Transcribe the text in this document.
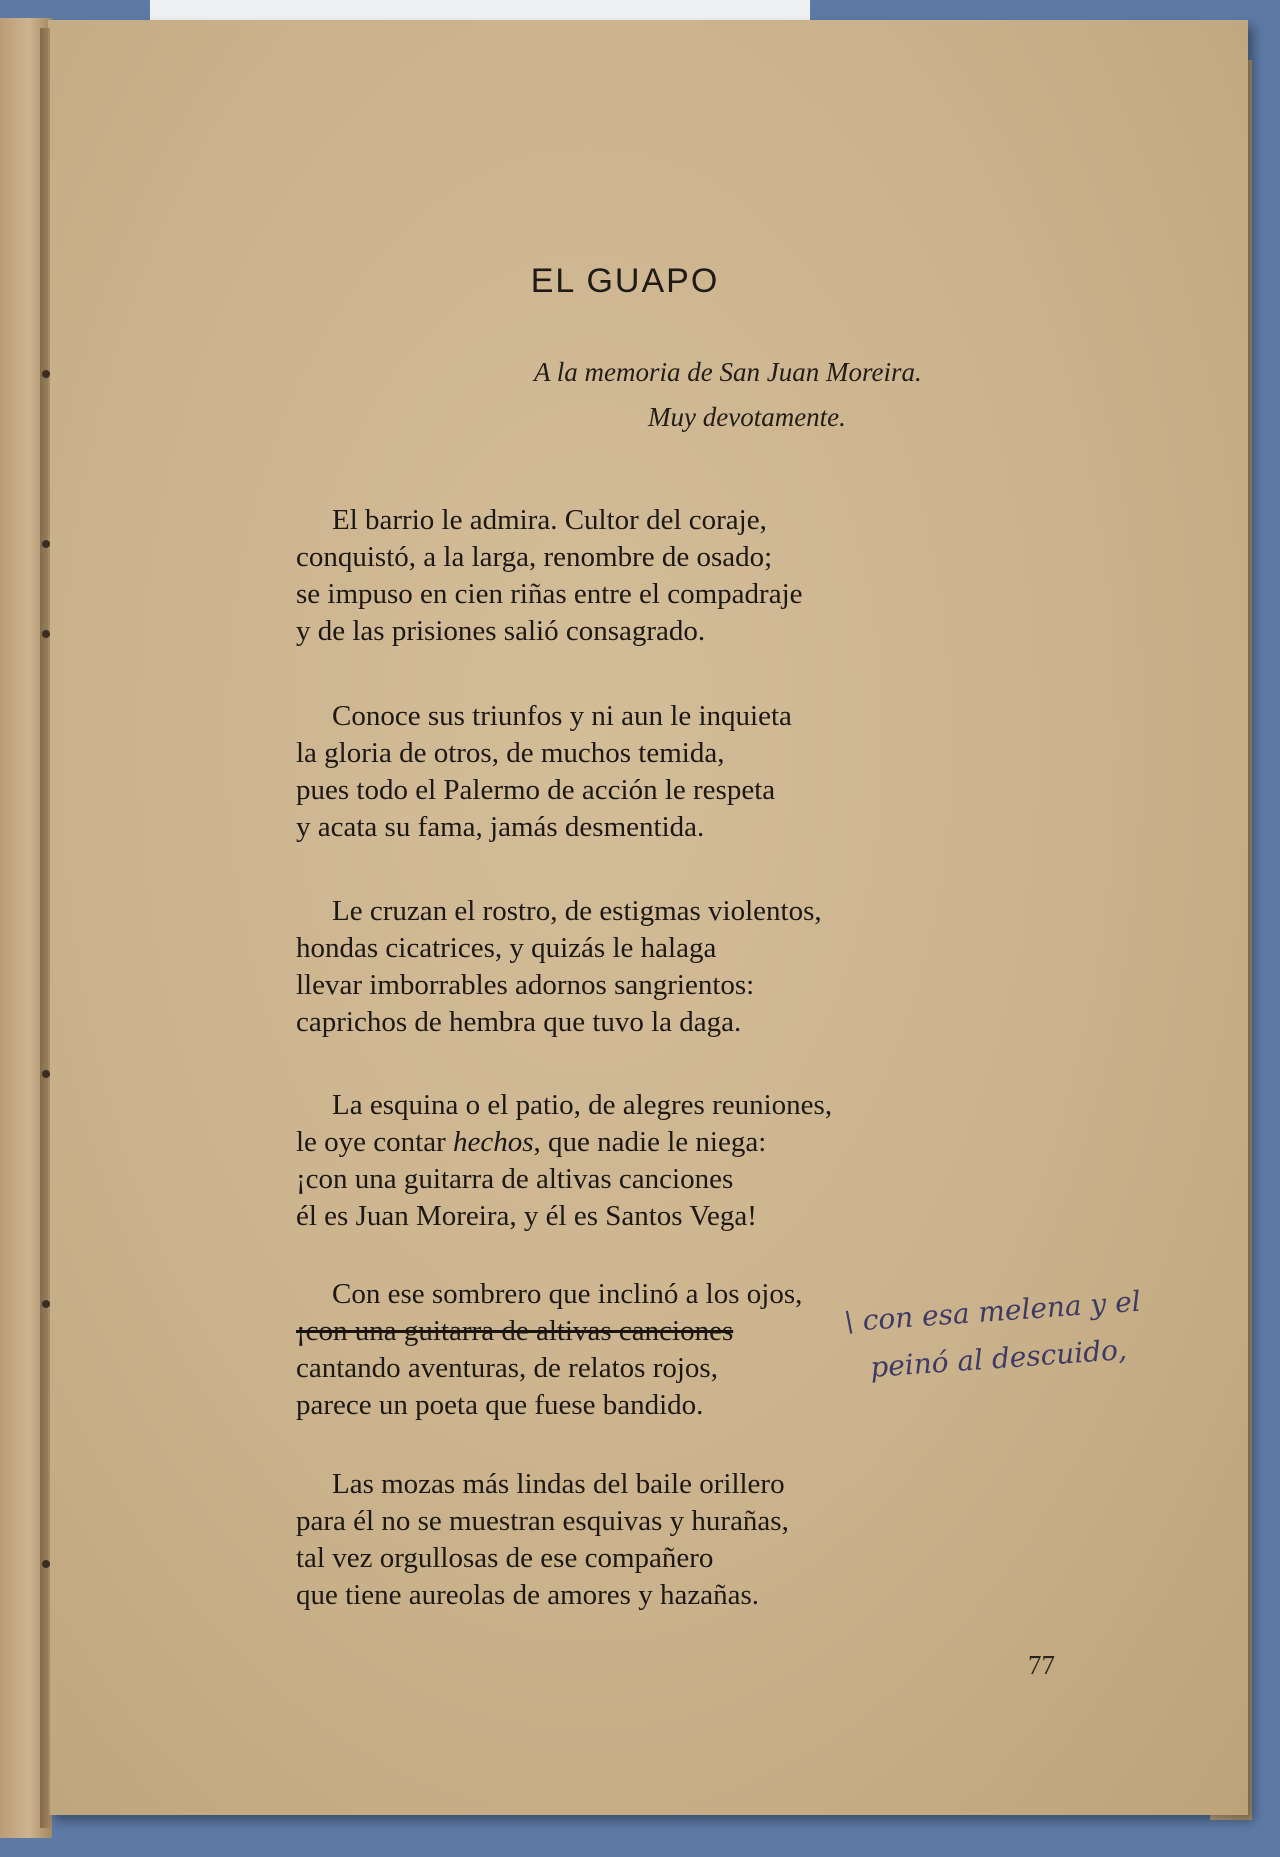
EL GUAPO
A la memoria de San Juan Moreira.
Muy devotamente.
El barrio le admira. Cultor del coraje,
conquistó, a la larga, renombre de osado;
se impuso en cien riñas entre el compadraje
y de las prisiones salió consagrado.
Conoce sus triunfos y ni aun le inquieta
la gloria de otros, de muchos temida,
pues todo el Palermo de acción le respeta
y acata su fama, jamás desmentida.
Le cruzan el rostro, de estigmas violentos,
hondas cicatrices, y quizás le halaga
llevar imborrables adornos sangrientos:
caprichos de hembra que tuvo la daga.
La esquina o el patio, de alegres reuniones,
le oye contar hechos, que nadie le niega:
¡con una guitarra de altivas canciones
él es Juan Moreira, y él es Santos Vega!
Con ese sombrero que inclinó a los ojos,
¡con una guitarra de altivas canciones
cantando aventuras, de relatos rojos,
parece un poeta que fuese bandido.
Las mozas más lindas del baile orillero
para él no se muestran esquivas y hurañas,
tal vez orgullosas de ese compañero
que tiene aureolas de amores y hazañas.
\ con esa melena y el
peinó al descuido,
77
